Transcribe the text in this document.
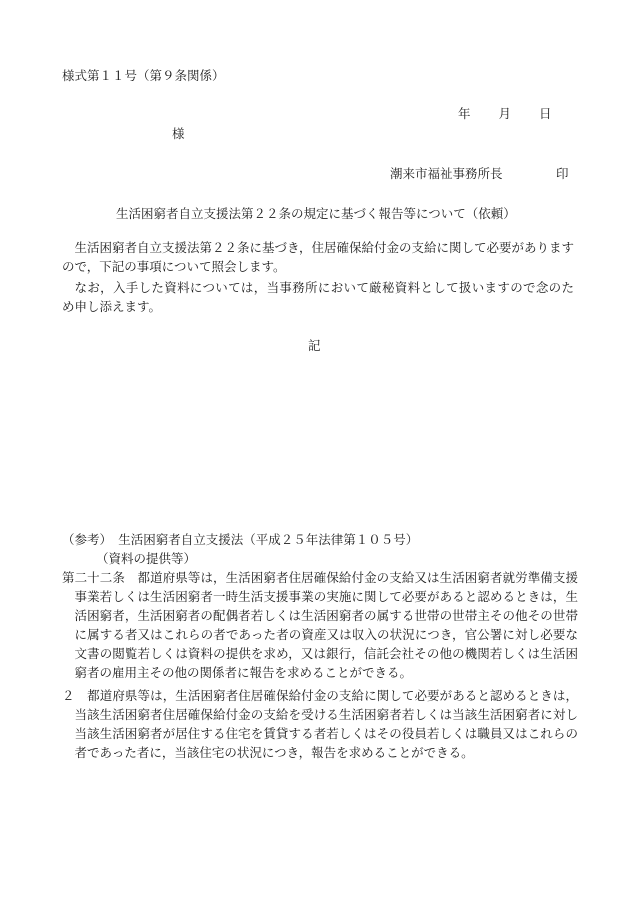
様式第１１号（第９条関係）
年 月 日
様
潮来市福祉事務所長	印
生活困窮者自立支援法第２２条の規定に基づく報告等について（依頼）

生活困窮者自立支援法第２２条に基づき，住居確保給付金の支給に関して必要がありますので，下記の事項について照会します。

なお，入手した資料については，当事務所において厳秘資料として扱いますので念のため申し添えます。

記
（参考）　生活困窮者自立支援法（平成２５年法律第１０５号）
（資料の提供等）

第二十二条　都道府県等は，生活困窮者住居確保給付金の支給又は生活困窮者就労準備支援事業若しくは生活困窮者一時生活支援事業の実施に関して必要があると認めるときは，生活困窮者，生活困窮者の配偶者若しくは生活困窮者の属する世帯の世帯主その他その世帯に属する者又はこれらの者であった者の資産又は収入の状況につき，官公署に対し必要な文書の閲覧若しくは資料の提供を求め，又は銀行，信託会社その他の機関若しくは生活困窮者の雇用主その他の関係者に報告を求めることができる。

２　都道府県等は，生活困窮者住居確保給付金の支給に関して必要があると認めるときは，当該生活困窮者住居確保給付金の支給を受ける生活困窮者若しくは当該生活困窮者に対し当該生活困窮者が居住する住宅を賃貸する者若しくはその役員若しくは職員又はこれらの者であった者に，当該住宅の状況につき，報告を求めることができる。
